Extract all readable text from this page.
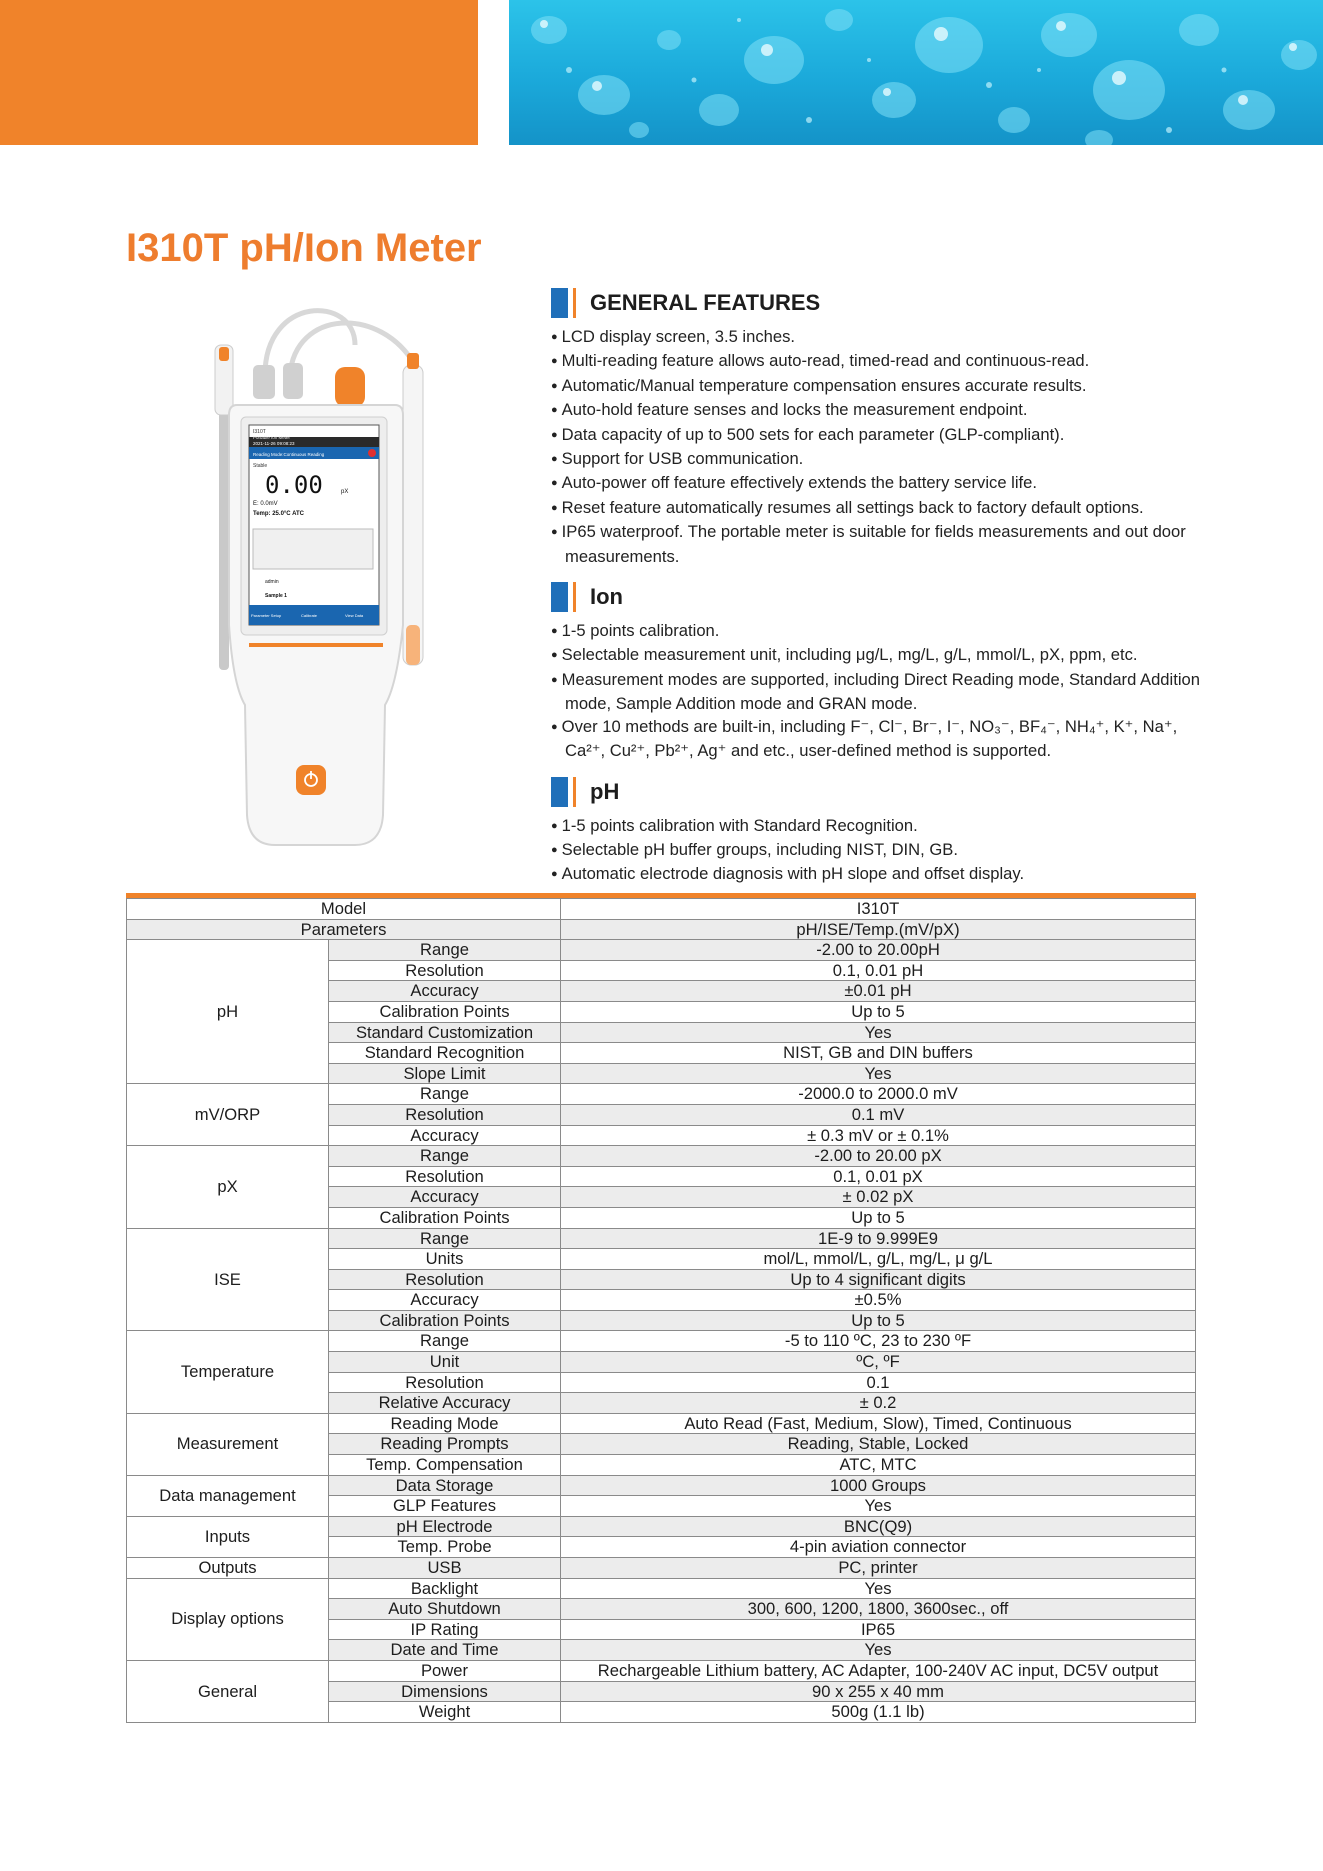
I310T pH/Ion Meter
I310T
Portable Ion Meter
2021-11-26 09:08:23
Reading Mode:Continuous Reading
Stable
0.00	pX
E: 0.0mV
Temp: 25.0°C ATC
admin
Sample 1
Parameter Setup	Calibrate	View Data
GENERAL FEATURES
● LCD display screen, 3.5 inches.
● Multi-reading feature allows auto-read, timed-read and continuous-read.
● Automatic/Manual temperature compensation ensures accurate results.
● Auto-hold feature senses and locks the measurement endpoint.
● Data capacity of up to 500 sets for each parameter (GLP-compliant).
● Support for USB communication.
● Auto-power off feature effectively extends the battery service life.
● Reset feature automatically resumes all settings back to factory default options.
● IP65 waterproof. The portable meter is suitable for fields measurements and out door measurements.
Ion
● 1-5 points calibration.
● Selectable measurement unit, including μg/L, mg/L, g/L, mmol/L, pX, ppm, etc.
● Measurement modes are supported, including Direct Reading mode, Standard Addition mode, Sample Addition mode and GRAN mode.
● Over 10 methods are built-in, including F⁻, Cl⁻, Br⁻, I⁻, NO₃⁻, BF₄⁻, NH₄⁺, K⁺, Na⁺, Ca²⁺, Cu²⁺, Pb²⁺, Ag⁺ and etc., user-defined method is supported.
pH
● 1-5 points calibration with Standard Recognition.
● Selectable pH buffer groups, including NIST, DIN, GB.
● Automatic electrode diagnosis with pH slope and offset display.
Model		I310T
Parameters		pH/ISE/Temp.(mV/pX)
pH	Range	-2.00 to 20.00pH
	Resolution	0.1, 0.01 pH
	Accuracy	±0.01 pH
	Calibration Points	Up to 5
	Standard Customization	Yes
	Standard Recognition	NIST, GB and DIN buffers
	Slope Limit	Yes
mV/ORP	Range	-2000.0 to 2000.0 mV
	Resolution	0.1 mV
	Accuracy	± 0.3 mV or ± 0.1%
pX	Range	-2.00 to 20.00 pX
	Resolution	0.1, 0.01 pX
	Accuracy	± 0.02 pX
	Calibration Points	Up to 5
ISE	Range	1E-9 to 9.999E9
	Units	mol/L, mmol/L, g/L, mg/L, μ g/L
	Resolution	Up to 4 significant digits
	Accuracy	±0.5%
	Calibration Points	Up to 5
Temperature	Range	-5 to 110 ºC, 23 to 230 ºF
	Unit	ºC, ºF
	Resolution	0.1
	Relative Accuracy	± 0.2
Measurement	Reading Mode	Auto Read (Fast, Medium, Slow), Timed, Continuous
	Reading Prompts	Reading, Stable, Locked
	Temp. Compensation	ATC, MTC
Data management	Data Storage	1000 Groups
	GLP Features	Yes
Inputs	pH Electrode	BNC(Q9)
	Temp. Probe	4-pin aviation connector
Outputs	USB	PC, printer
Display options	Backlight	Yes
	Auto Shutdown	300, 600, 1200, 1800, 3600sec., off
	IP Rating	IP65
	Date and Time	Yes
General	Power	Rechargeable Lithium battery, AC Adapter, 100-240V AC input, DC5V output
	Dimensions	90 x 255 x 40 mm
	Weight	500g (1.1 lb)
